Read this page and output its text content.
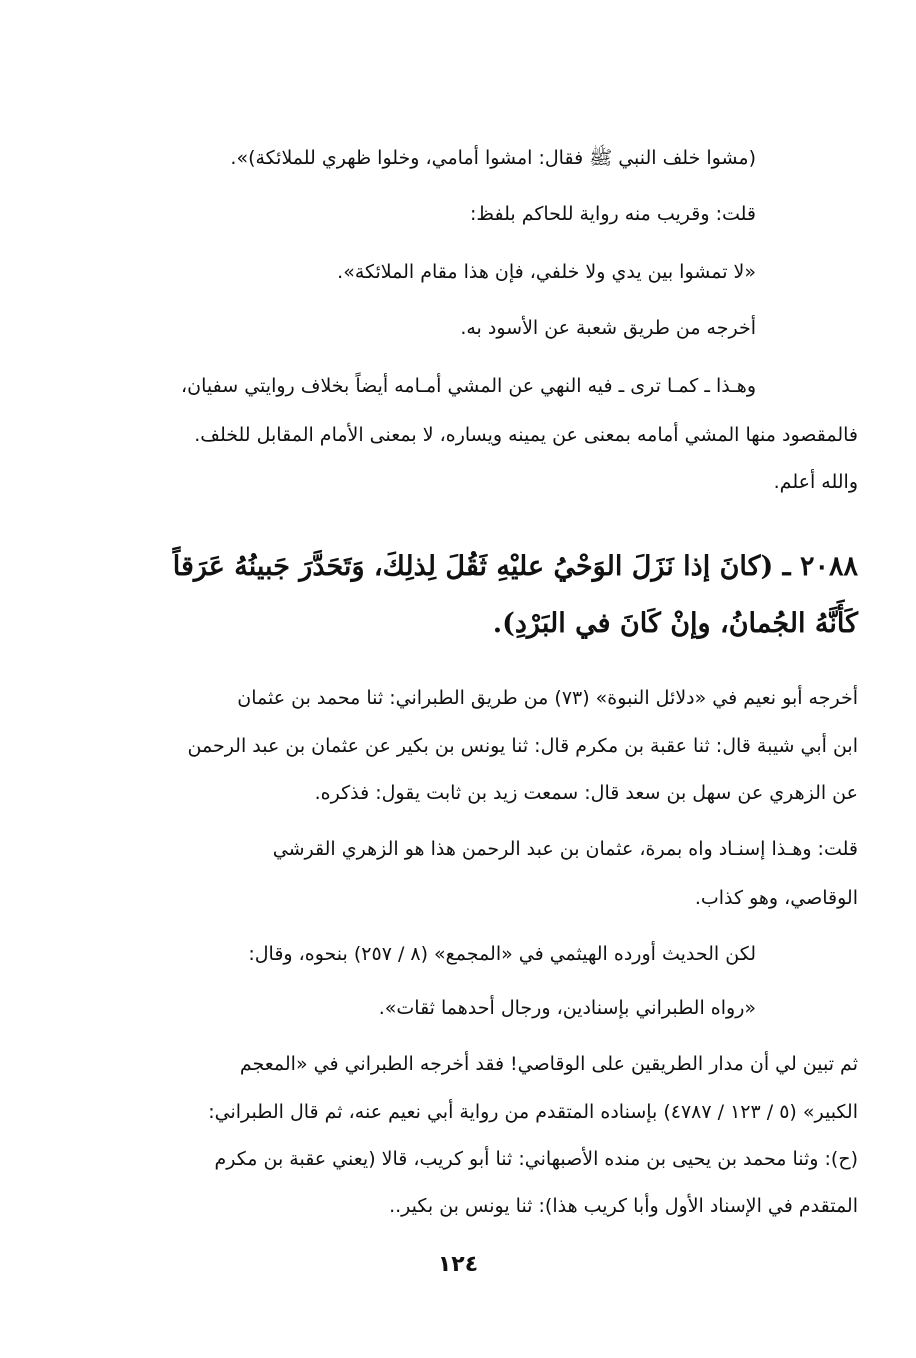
(مشوا خلف النبي ﷺ فقال: امشوا أمامي، وخلوا ظهري للملائكة)».
قلت: وقريب منه رواية للحاكم بلفظ:
«لا تمشوا بين يدي ولا خلفي، فإن هذا مقام الملائكة».
أخرجه من طريق شعبة عن الأسود به.
وهـذا ـ كمـا ترى ـ فيه النهي عن المشي أمـامه أيضاً بخلاف روايتي سفيان،
فالمقصود منها المشي أمامه بمعنى عن يمينه ويساره، لا بمعنى الأمام المقابل للخلف.
والله أعلم.
٢٠٨٨ ـ (كانَ إذا نَزَلَ الوَحْيُ عليْهِ ثَقُلَ لِذلِكَ، وَتَحَدَّرَ جَبينُهُ عَرَقاً
كَأَنَّهُ الجُمانُ، وإنْ كَانَ في البَرْدِ).
أخرجه أبو نعيم في «دلائل النبوة» (٧٣) من طريق الطبراني: ثنا محمد بن عثمان
ابن أبي شيبة قال: ثنا عقبة بن مكرم قال: ثنا يونس بن بكير عن عثمان بن عبد الرحمن
عن الزهري عن سهل بن سعد قال: سمعت زيد بن ثابت يقول: فذكره.
قلت: وهـذا إسنـاد واه بمرة، عثمان بن عبد الرحمن هذا هو الزهري القرشي
الوقاصي، وهو كذاب.
لكن الحديث أورده الهيثمي في «المجمع» (٨ / ٢٥٧) بنحوه، وقال:
«رواه الطبراني بإسنادين، ورجال أحدهما ثقات».
ثم تبين لي أن مدار الطريقين على الوقاصي! فقد أخرجه الطبراني في «المعجم
الكبير» (٥ / ١٢٣ / ٤٧٨٧) بإسناده المتقدم من رواية أبي نعيم عنه، ثم قال الطبراني:
(ح): وثنا محمد بن يحيى بن منده الأصبهاني: ثنا أبو كريب، قالا (يعني عقبة بن مكرم
المتقدم في الإسناد الأول وأبا كريب هذا): ثنا يونس بن بكير..
١٢٤
